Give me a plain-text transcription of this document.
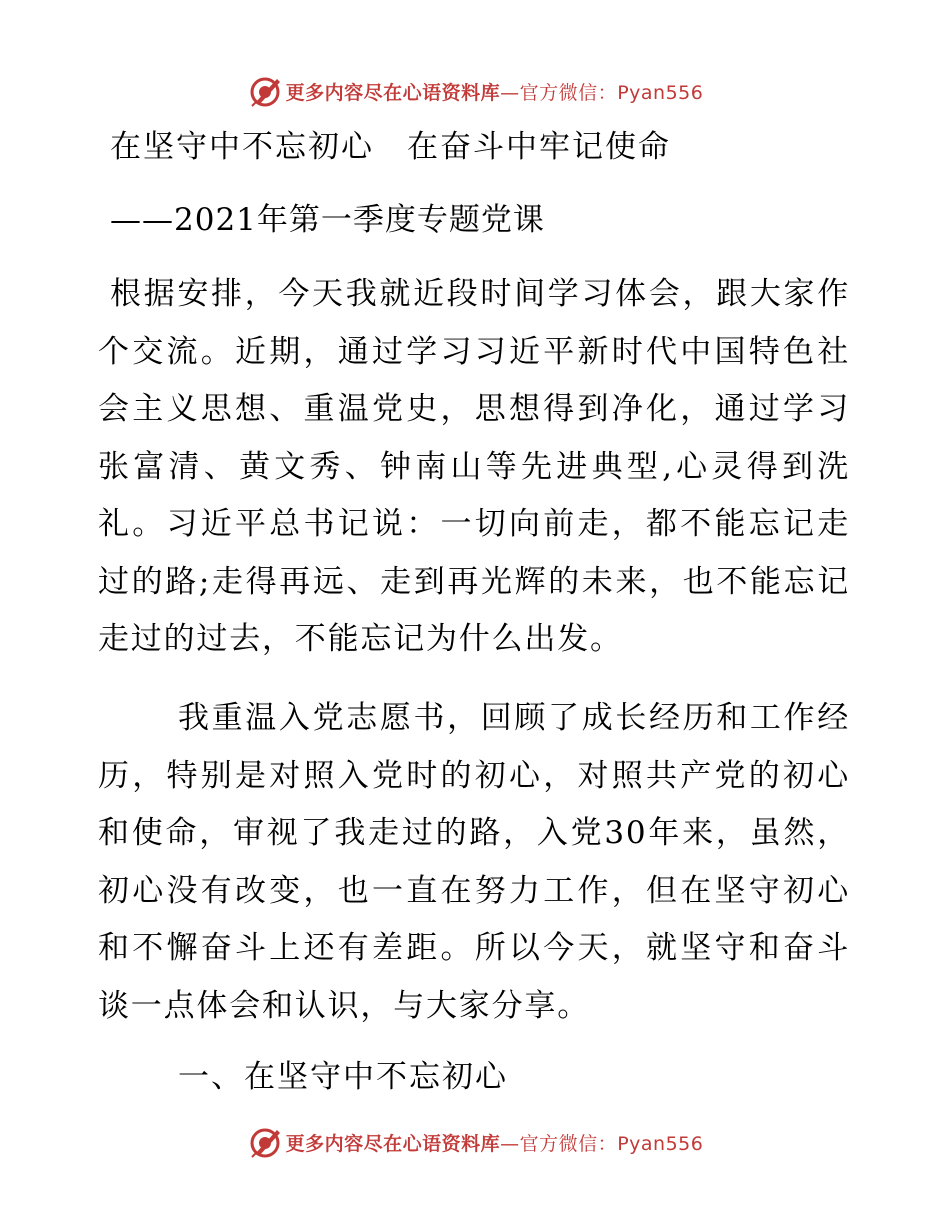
更多内容尽在心语资料库—官方微信：Pyan556
在坚守中不忘初心　在奋斗中牢记使命
——2021年第一季度专题党课

根据安排，今天我就近段时间学习体会，跟大家作个交流。近期，通过学习习近平新时代中国特色社会主义思想、重温党史，思想得到净化，通过学习张富清、黄文秀、钟南山等先进典型,心灵得到洗礼。习近平总书记说：一切向前走，都不能忘记走过的路;走得再远、走到再光辉的未来，也不能忘记走过的过去，不能忘记为什么出发。

我重温入党志愿书，回顾了成长经历和工作经历，特别是对照入党时的初心，对照共产党的初心和使命，审视了我走过的路，入党30年来，虽然，初心没有改变，也一直在努力工作，但在坚守初心和不懈奋斗上还有差距。所以今天，就坚守和奋斗谈一点体会和认识，与大家分享。

一、在坚守中不忘初心
更多内容尽在心语资料库—官方微信：Pyan556
